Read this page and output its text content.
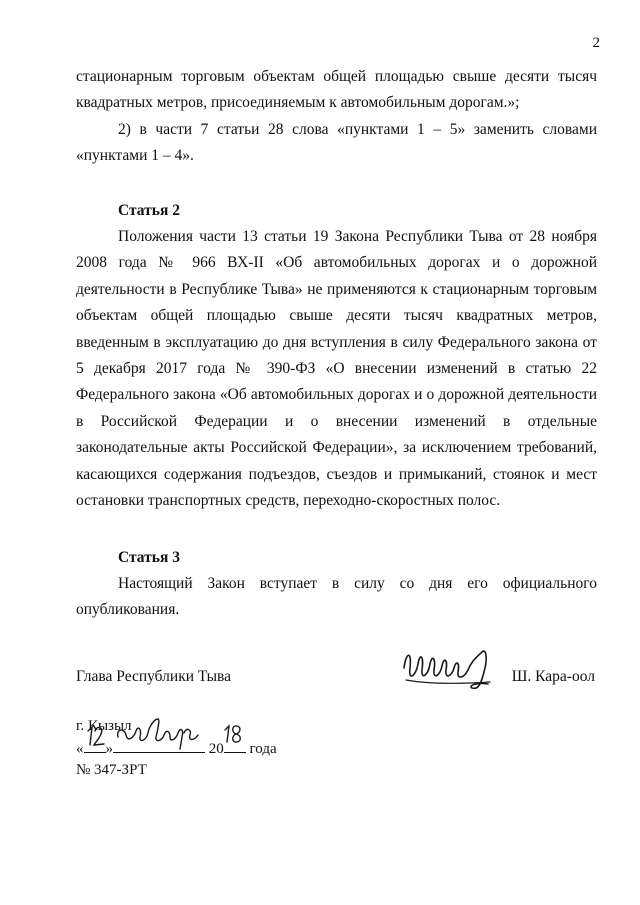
2

стационарным торговым объектам общей площадью свыше десяти тысяч квадратных метров, присоединяемым к автомобильным дорогам.»;

2) в части 7 статьи 28 слова «пунктами 1 – 5» заменить словами «пунктами 1 – 4».

Статья 2

Положения части 13 статьи 19 Закона Республики Тыва от 28 ноября 2008 года № 966 ВХ-II «Об автомобильных дорогах и о дорожной деятельности в Республике Тыва» не применяются к стационарным торговым объектам общей площадью свыше десяти тысяч квадратных метров, введенным в эксплуатацию до дня вступления в силу Федерального закона от 5 декабря 2017 года № 390-ФЗ «О внесении изменений в статью 22 Федерального закона «Об автомобильных дорогах и о дорожной деятельности в Российской Федерации и о внесении изменений в отдельные законодательные акты Российской Федерации», за исключением требований, касающихся содержания подъездов, съездов и примыканий, стоянок и мест остановки транспортных средств, переходно-скоростных полос.

Статья 3

Настоящий Закон вступает в силу со дня его официального опубликования.

Глава Республики Тыва	Ш. Кара-оол
г. Кызыл
« »	20 года
№ 347-ЗРТ
